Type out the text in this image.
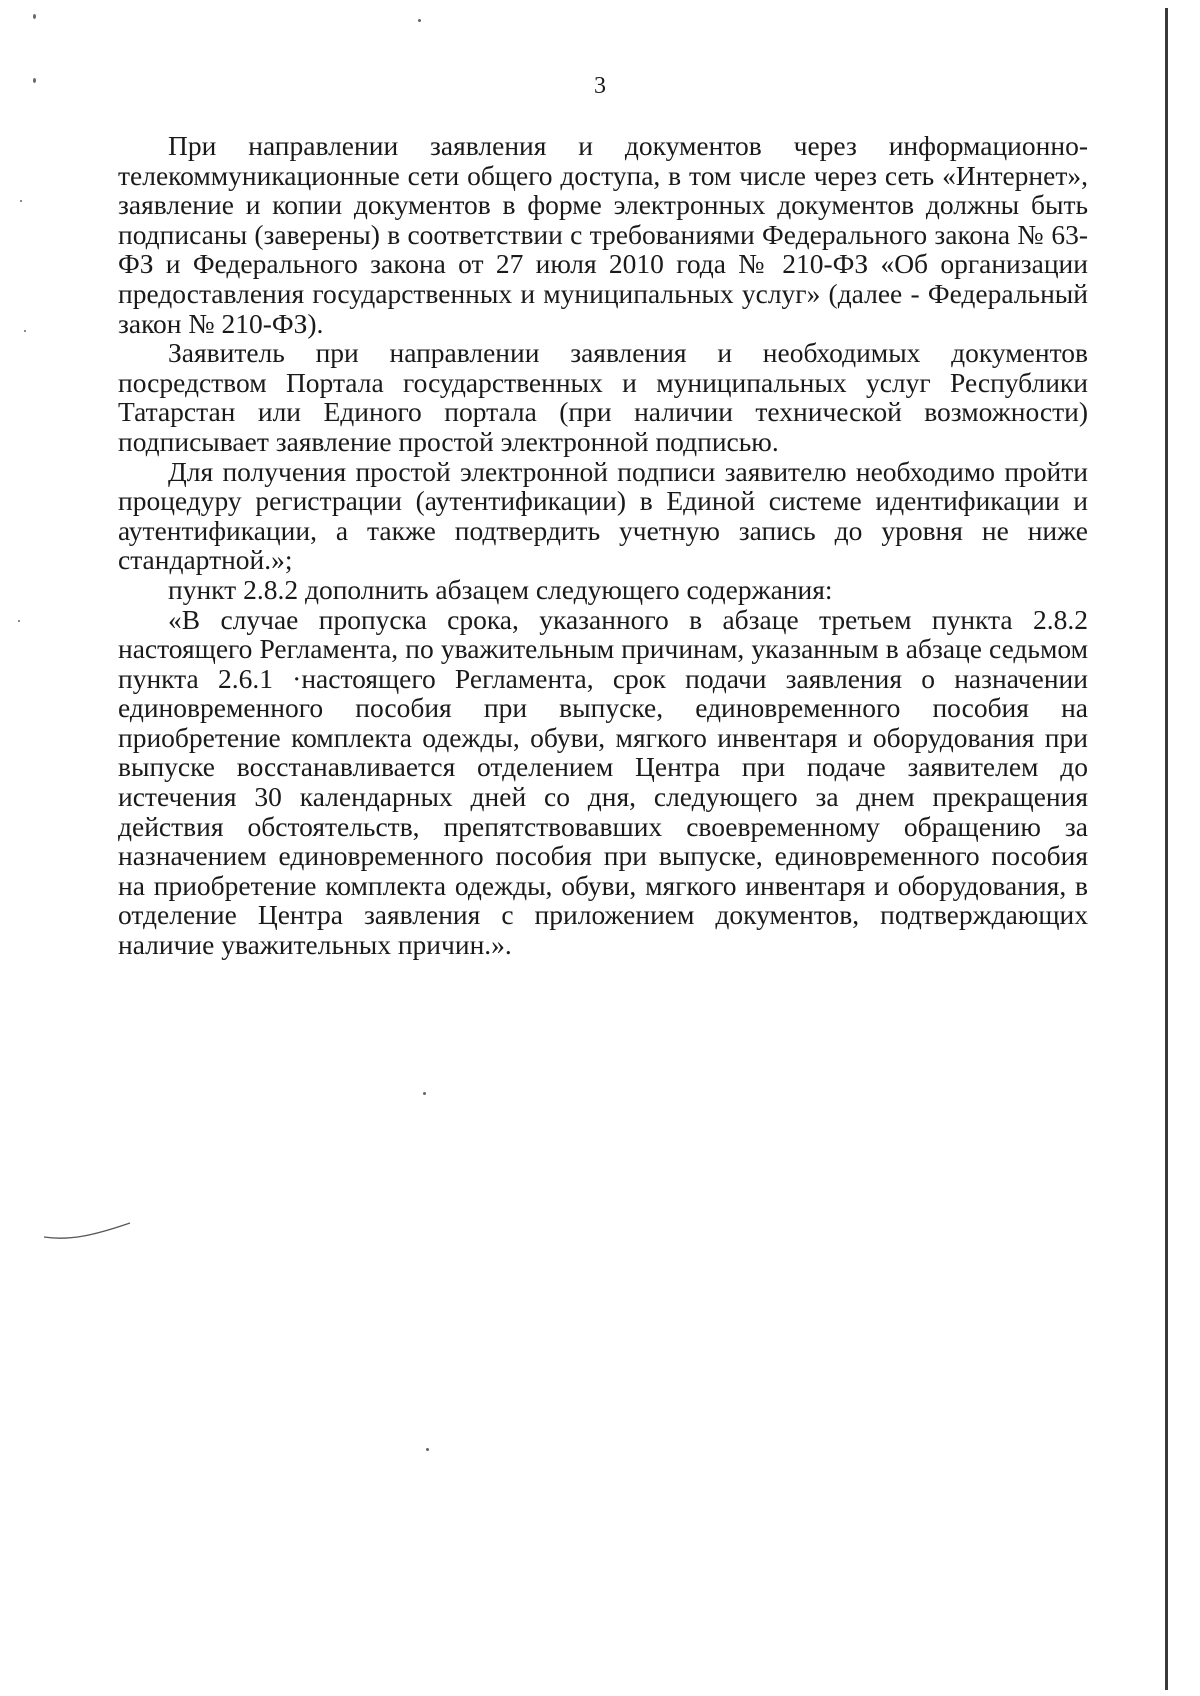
3

При направлении заявления и документов через информационно-телекоммуникационные сети общего доступа, в том числе через сеть «Интернет», заявление и копии документов в форме электронных документов должны быть подписаны (заверены) в соответствии с требованиями Федерального закона № 63-ФЗ и Федерального закона от 27 июля 2010 года № 210-ФЗ «Об организации предоставления государственных и муниципальных услуг» (далее - Федеральный закон № 210-ФЗ).

Заявитель при направлении заявления и необходимых документов посредством Портала государственных и муниципальных услуг Республики Татарстан или Единого портала (при наличии технической возможности) подписывает заявление простой электронной подписью.

Для получения простой электронной подписи заявителю необходимо пройти процедуру регистрации (аутентификации) в Единой системе идентификации и аутентификации, а также подтвердить учетную запись до уровня не ниже стандартной.»;

пункт 2.8.2 дополнить абзацем следующего содержания:

«В случае пропуска срока, указанного в абзаце третьем пункта 2.8.2 настоящего Регламента, по уважительным причинам, указанным в абзаце седьмом пункта 2.6.1 ·настоящего Регламента, срок подачи заявления о назначении единовременного пособия при выпуске, единовременного пособия на приобретение комплекта одежды, обуви, мягкого инвентаря и оборудования при выпуске восстанавливается отделением Центра при подаче заявителем до истечения 30 календарных дней со дня, следующего за днем прекращения действия обстоятельств, препятствовавших своевременному обращению за назначением единовременного пособия при выпуске, единовременного пособия на приобретение комплекта одежды, обуви, мягкого инвентаря и оборудования, в отделение Центра заявления с приложением документов, подтверждающих наличие уважительных причин.».
